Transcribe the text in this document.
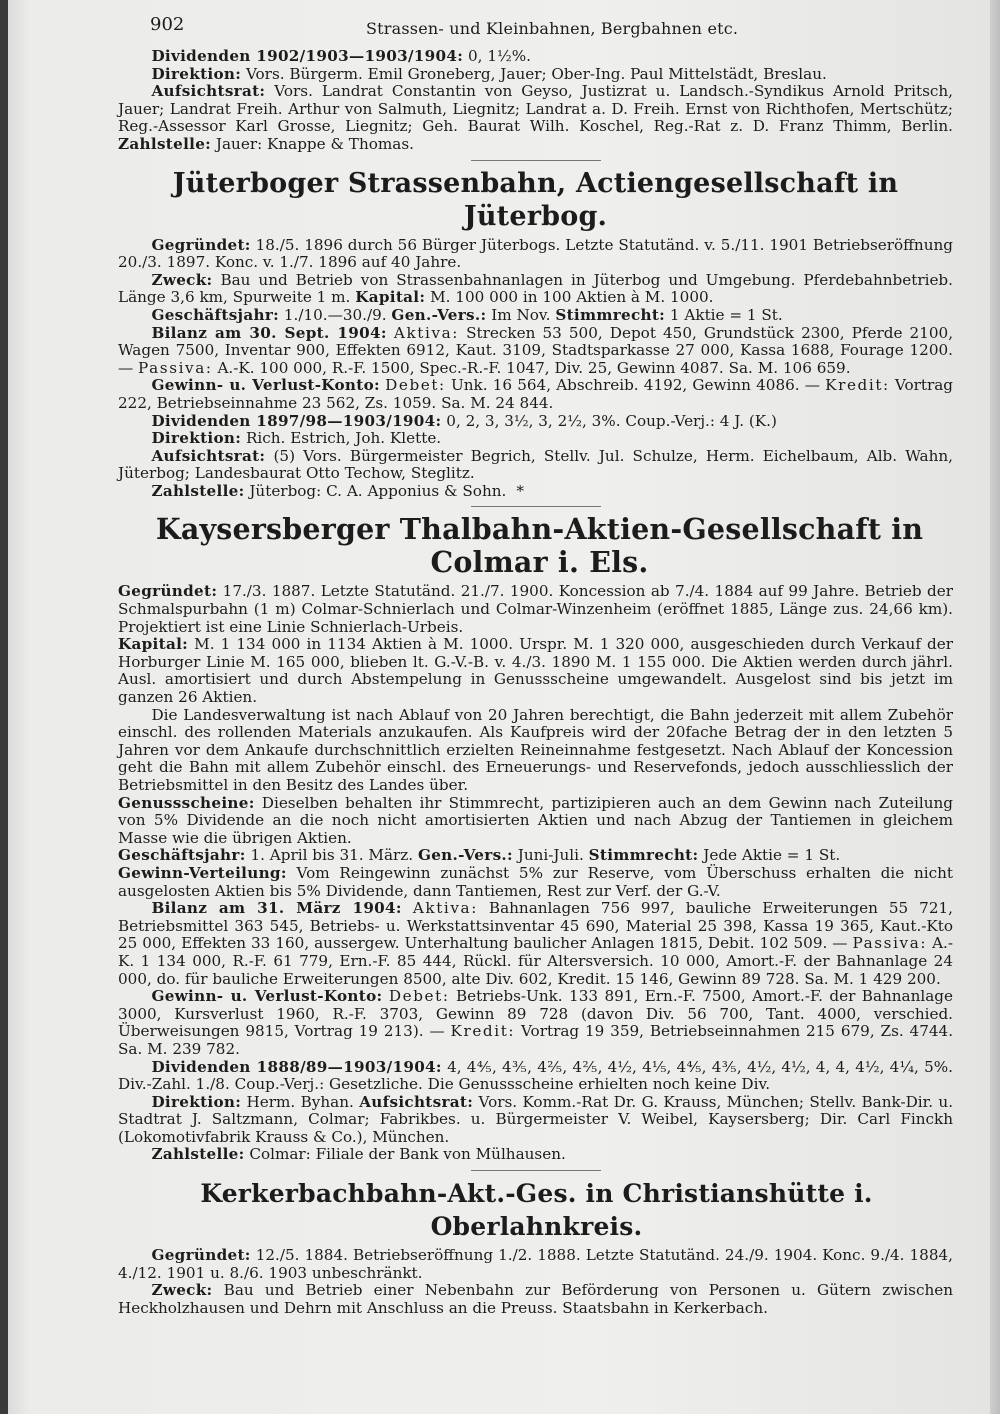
902	Strassen- und Kleinbahnen, Bergbahnen etc.

Dividenden 1902/1903—1903/1904: 0, 1½%.

Direktion: Vors. Bürgerm. Emil Groneberg, Jauer; Ober-Ing. Paul Mittelstädt, Breslau.

Aufsichtsrat: Vors. Landrat Constantin von Geyso, Justizrat u. Landsch.-Syndikus Arnold Pritsch, Jauer; Landrat Freih. Arthur von Salmuth, Liegnitz; Landrat a. D. Freih. Ernst von Richthofen, Mertschütz; Reg.-Assessor Karl Grosse, Liegnitz; Geh. Baurat Wilh. Koschel, Reg.-Rat z. D. Franz Thimm, Berlin. Zahlstelle: Jauer: Knappe & Thomas.

Jüterboger Strassenbahn, Actiengesellschaft in Jüterbog.

Gegründet: 18./5. 1896 durch 56 Bürger Jüterbogs. Letzte Statutänd. v. 5./11. 1901 Betriebseröffnung 20./3. 1897. Konc. v. 1./7. 1896 auf 40 Jahre.

Zweck: Bau und Betrieb von Strassenbahnanlagen in Jüterbog und Umgebung. Pferdebahnbetrieb. Länge 3,6 km, Spurweite 1 m. Kapital: M. 100 000 in 100 Aktien à M. 1000.

Geschäftsjahr: 1./10.—30./9. Gen.-Vers.: Im Nov. Stimmrecht: 1 Aktie = 1 St.

Bilanz am 30. Sept. 1904: Aktiva: Strecken 53 500, Depot 450, Grundstück 2300, Pferde 2100, Wagen 7500, Inventar 900, Effekten 6912, Kaut. 3109, Stadtsparkasse 27 000, Kassa 1688, Fourage 1200. — Passiva: A.-K. 100 000, R.-F. 1500, Spec.-R.-F. 1047, Div. 25, Gewinn 4087. Sa. M. 106 659.

Gewinn- u. Verlust-Konto: Debet: Unk. 16 564, Abschreib. 4192, Gewinn 4086. — Kredit: Vortrag 222, Betriebseinnahme 23 562, Zs. 1059. Sa. M. 24 844.

Dividenden 1897/98—1903/1904: 0, 2, 3, 3½, 3, 2½, 3%. Coup.-Verj.: 4 J. (K.)

Direktion: Rich. Estrich, Joh. Klette.

Aufsichtsrat: (5) Vors. Bürgermeister Begrich, Stellv. Jul. Schulze, Herm. Eichelbaum, Alb. Wahn, Jüterbog; Landesbaurat Otto Techow, Steglitz.

Zahlstelle: Jüterbog: C. A. Apponius & Sohn. *

Kaysersberger Thalbahn-Aktien-Gesellschaft in Colmar i. Els.

Gegründet: 17./3. 1887. Letzte Statutänd. 21./7. 1900. Koncession ab 7./4. 1884 auf 99 Jahre. Betrieb der Schmalspurbahn (1 m) Colmar-Schnierlach und Colmar-Winzenheim (eröffnet 1885, Länge zus. 24,66 km). Projektiert ist eine Linie Schnierlach-Urbeis.

Kapital: M. 1 134 000 in 1134 Aktien à M. 1000. Urspr. M. 1 320 000, ausgeschieden durch Verkauf der Horburger Linie M. 165 000, blieben lt. G.-V.-B. v. 4./3. 1890 M. 1 155 000. Die Aktien werden durch jährl. Ausl. amortisiert und durch Abstempelung in Genussscheine umgewandelt. Ausgelost sind bis jetzt im ganzen 26 Aktien.

Die Landesverwaltung ist nach Ablauf von 20 Jahren berechtigt, die Bahn jederzeit mit allem Zubehör einschl. des rollenden Materials anzukaufen. Als Kaufpreis wird der 20fache Betrag der in den letzten 5 Jahren vor dem Ankaufe durchschnittlich erzielten Reineinnahme festgesetzt. Nach Ablauf der Koncession geht die Bahn mit allem Zubehör einschl. des Erneuerungs- und Reservefonds, jedoch ausschliesslich der Betriebsmittel in den Besitz des Landes über.

Genussscheine: Dieselben behalten ihr Stimmrecht, partizipieren auch an dem Gewinn nach Zuteilung von 5% Dividende an die noch nicht amortisierten Aktien und nach Abzug der Tantiemen in gleichem Masse wie die übrigen Aktien.

Geschäftsjahr: 1. April bis 31. März. Gen.-Vers.: Juni-Juli. Stimmrecht: Jede Aktie = 1 St.

Gewinn-Verteilung: Vom Reingewinn zunächst 5% zur Reserve, vom Überschuss erhalten die nicht ausgelosten Aktien bis 5% Dividende, dann Tantiemen, Rest zur Verf. der G.-V.

Bilanz am 31. März 1904: Aktiva: Bahnanlagen 756 997, bauliche Erweiterungen 55 721, Betriebsmittel 363 545, Betriebs- u. Werkstattsinventar 45 690, Material 25 398, Kassa 19 365, Kaut.-Kto 25 000, Effekten 33 160, aussergew. Unterhaltung baulicher Anlagen 1815, Debit. 102 509. — Passiva: A.-K. 1 134 000, R.-F. 61 779, Ern.-F. 85 444, Rückl. für Altersversich. 10 000, Amort.-F. der Bahnanlage 24 000, do. für bauliche Erweiterungen 8500, alte Div. 602, Kredit. 15 146, Gewinn 89 728. Sa. M. 1 429 200.

Gewinn- u. Verlust-Konto: Debet: Betriebs-Unk. 133 891, Ern.-F. 7500, Amort.-F. der Bahnanlage 3000, Kursverlust 1960, R.-F. 3703, Gewinn 89 728 (davon Div. 56 700, Tant. 4000, verschied. Überweisungen 9815, Vortrag 19 213). — Kredit: Vortrag 19 359, Betriebseinnahmen 215 679, Zs. 4744. Sa. M. 239 782.

Dividenden 1888/89—1903/1904: 4, 4⅘, 4⅗, 4⅖, 4⅖, 4½, 4⅕, 4⅘, 4⅗, 4½, 4½, 4, 4, 4½, 4¼, 5%. Div.-Zahl. 1./8. Coup.-Verj.: Gesetzliche. Die Genussscheine erhielten noch keine Div.

Direktion: Herm. Byhan. Aufsichtsrat: Vors. Komm.-Rat Dr. G. Krauss, München; Stellv. Bank-Dir. u. Stadtrat J. Saltzmann, Colmar; Fabrikbes. u. Bürgermeister V. Weibel, Kaysersberg; Dir. Carl Finckh (Lokomotivfabrik Krauss & Co.), München.

Zahlstelle: Colmar: Filiale der Bank von Mülhausen.

Kerkerbachbahn-Akt.-Ges. in Christianshütte i. Oberlahnkreis.

Gegründet: 12./5. 1884. Betriebseröffnung 1./2. 1888. Letzte Statutänd. 24./9. 1904. Konc. 9./4. 1884, 4./12. 1901 u. 8./6. 1903 unbeschränkt.

Zweck: Bau und Betrieb einer Nebenbahn zur Beförderung von Personen u. Gütern zwischen Heckholzhausen und Dehrn mit Anschluss an die Preuss. Staatsbahn in Kerkerbach.
